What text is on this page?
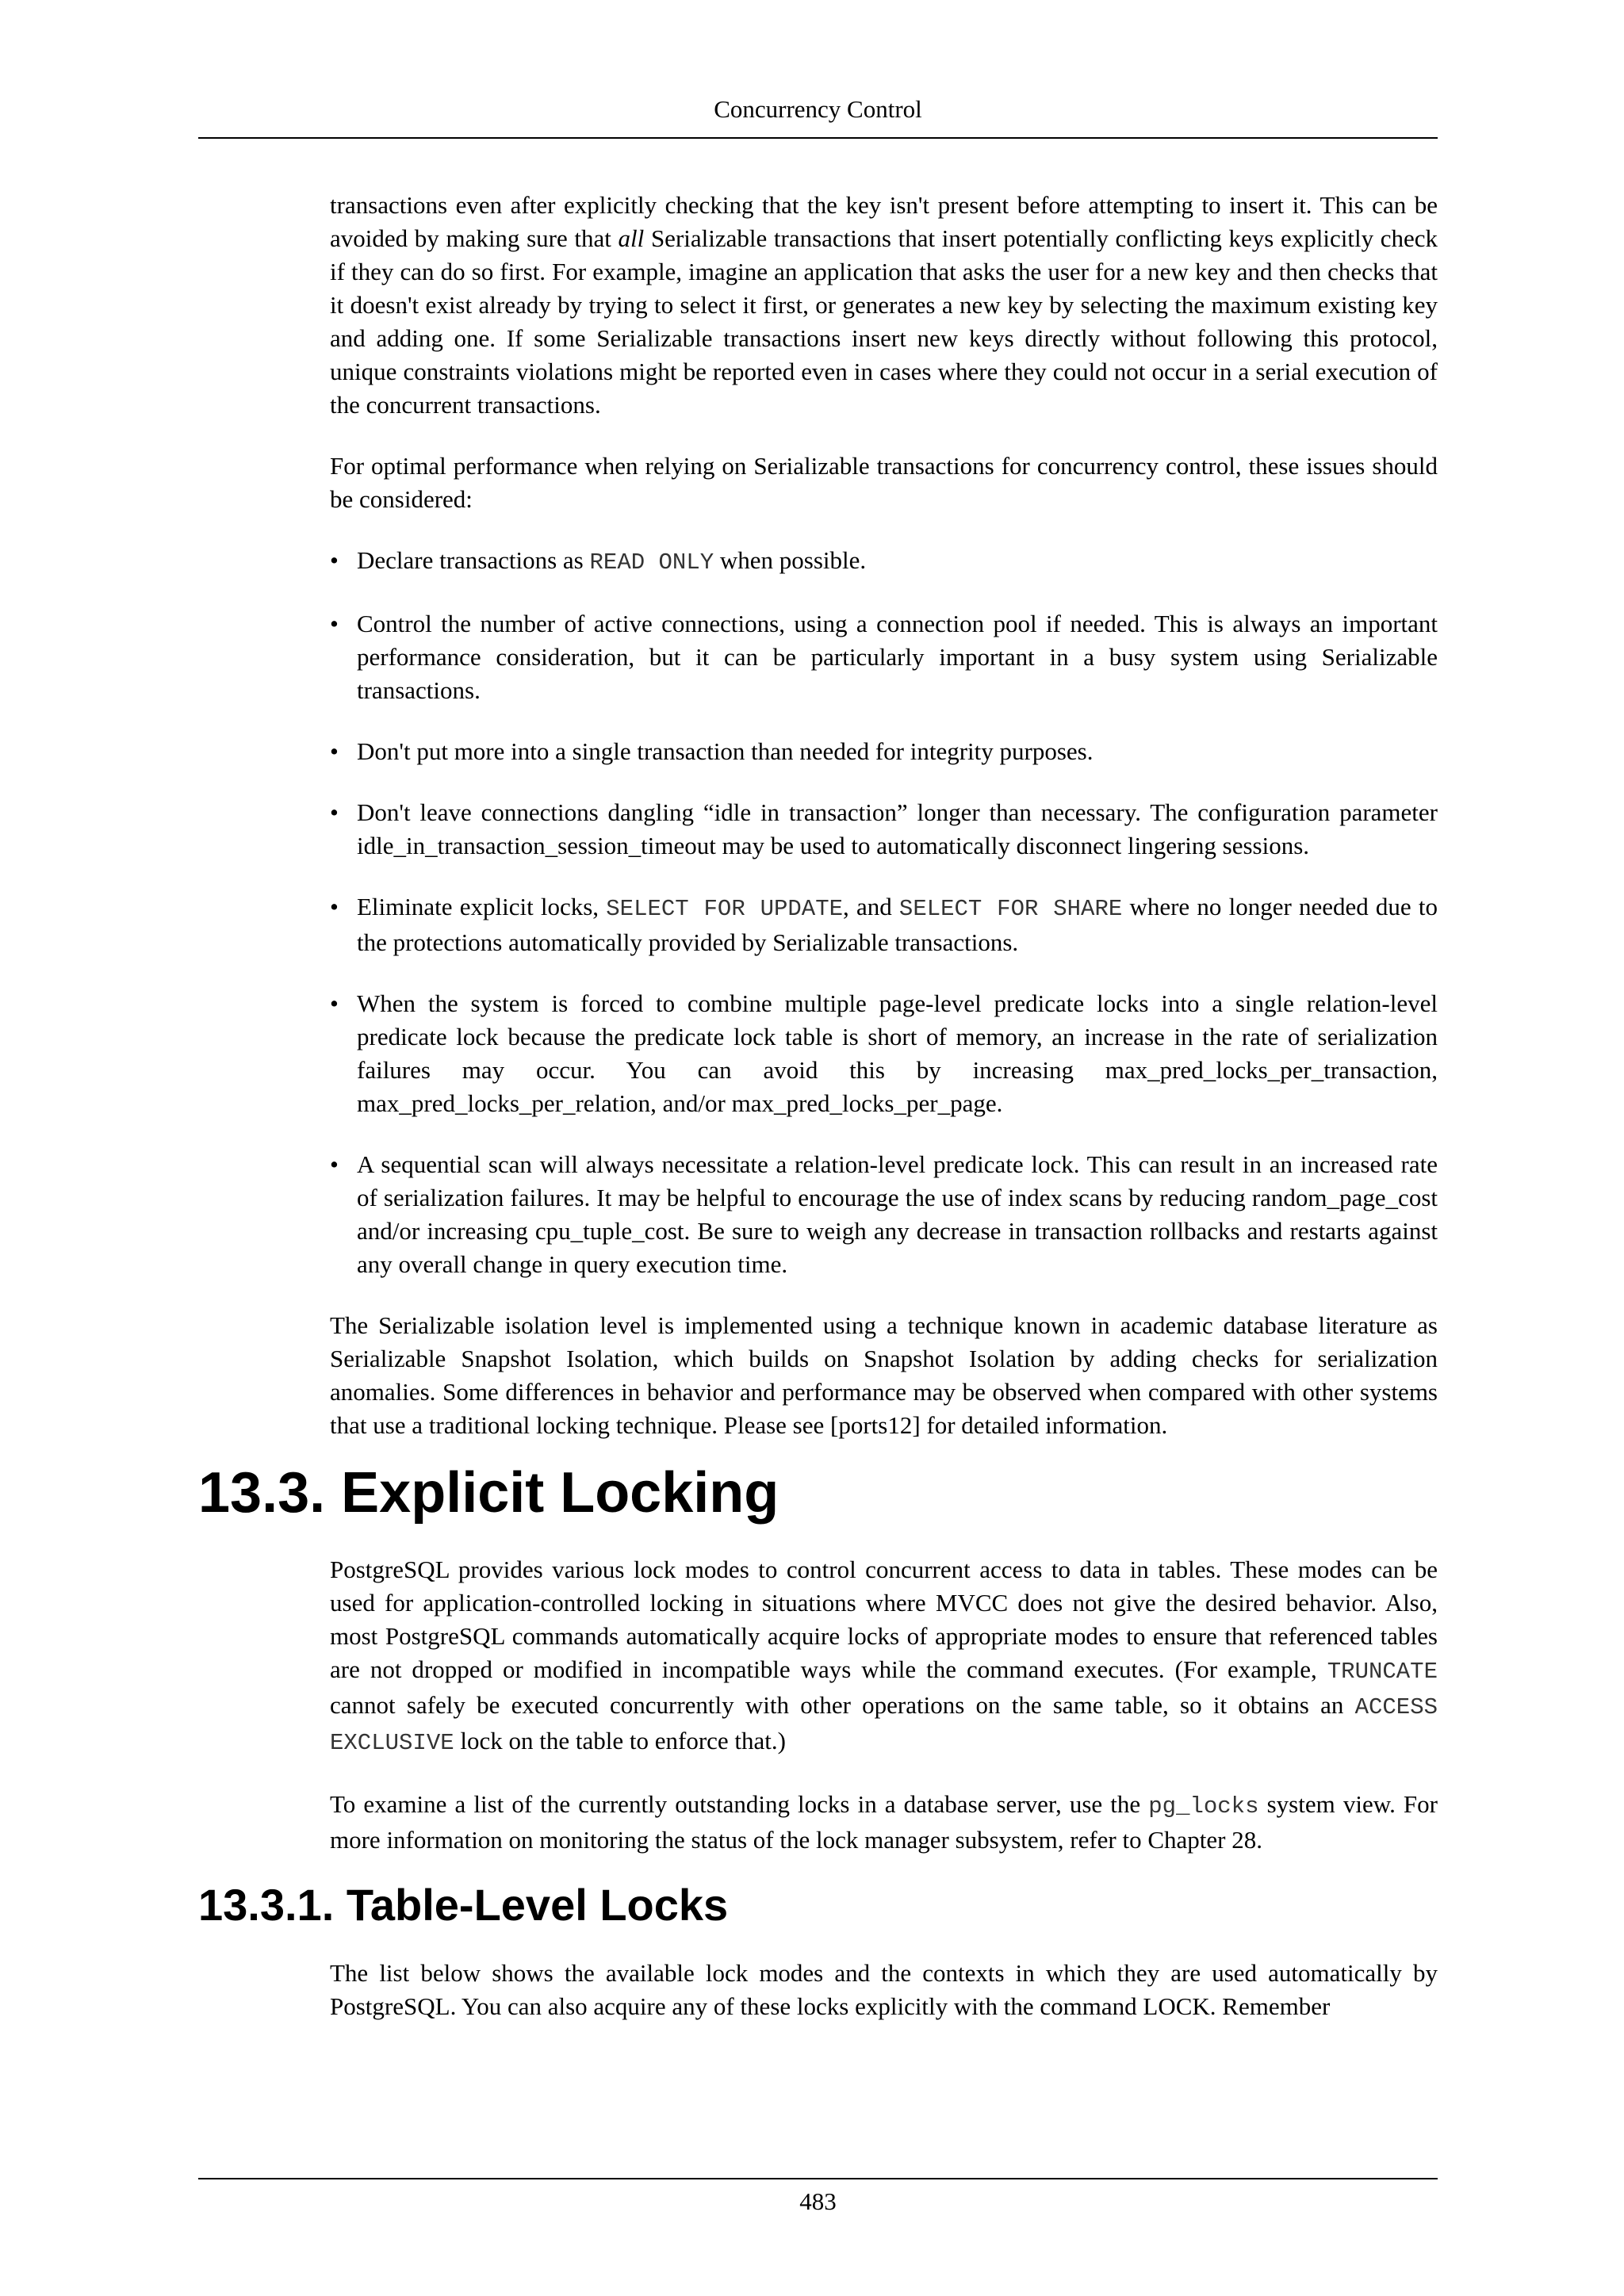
Concurrency Control

transactions even after explicitly checking that the key isn't present before attempting to insert it. This can be avoided by making sure that all Serializable transactions that insert potentially conflicting keys explicitly check if they can do so first. For example, imagine an application that asks the user for a new key and then checks that it doesn't exist already by trying to select it first, or generates a new key by selecting the maximum existing key and adding one. If some Serializable transactions insert new keys directly without following this protocol, unique constraints violations might be reported even in cases where they could not occur in a serial execution of the concurrent transactions.

For optimal performance when relying on Serializable transactions for concurrency control, these issues should be considered:

• Declare transactions as READ ONLY when possible.
• Control the number of active connections, using a connection pool if needed. This is always an important performance consideration, but it can be particularly important in a busy system using Serializable transactions.
• Don't put more into a single transaction than needed for integrity purposes.
• Don't leave connections dangling “idle in transaction” longer than necessary. The configuration parameter idle_in_transaction_session_timeout may be used to automatically disconnect lingering sessions.
• Eliminate explicit locks, SELECT FOR UPDATE, and SELECT FOR SHARE where no longer needed due to the protections automatically provided by Serializable transactions.
• When the system is forced to combine multiple page-level predicate locks into a single relation-level predicate lock because the predicate lock table is short of memory, an increase in the rate of serialization failures may occur. You can avoid this by increasing max_pred_locks_per_transaction, max_pred_locks_per_relation, and/or max_pred_locks_per_page.
• A sequential scan will always necessitate a relation-level predicate lock. This can result in an increased rate of serialization failures. It may be helpful to encourage the use of index scans by reducing random_page_cost and/or increasing cpu_tuple_cost. Be sure to weigh any decrease in transaction rollbacks and restarts against any overall change in query execution time.

The Serializable isolation level is implemented using a technique known in academic database literature as Serializable Snapshot Isolation, which builds on Snapshot Isolation by adding checks for serialization anomalies. Some differences in behavior and performance may be observed when compared with other systems that use a traditional locking technique. Please see [ports12] for detailed information.

13.3. Explicit Locking

PostgreSQL provides various lock modes to control concurrent access to data in tables. These modes can be used for application-controlled locking in situations where MVCC does not give the desired behavior. Also, most PostgreSQL commands automatically acquire locks of appropriate modes to ensure that referenced tables are not dropped or modified in incompatible ways while the command executes. (For example, TRUNCATE cannot safely be executed concurrently with other operations on the same table, so it obtains an ACCESS EXCLUSIVE lock on the table to enforce that.)

To examine a list of the currently outstanding locks in a database server, use the pg_locks system view. For more information on monitoring the status of the lock manager subsystem, refer to Chapter 28.

13.3.1. Table-Level Locks

The list below shows the available lock modes and the contexts in which they are used automatically by PostgreSQL. You can also acquire any of these locks explicitly with the command LOCK. Remember

483
